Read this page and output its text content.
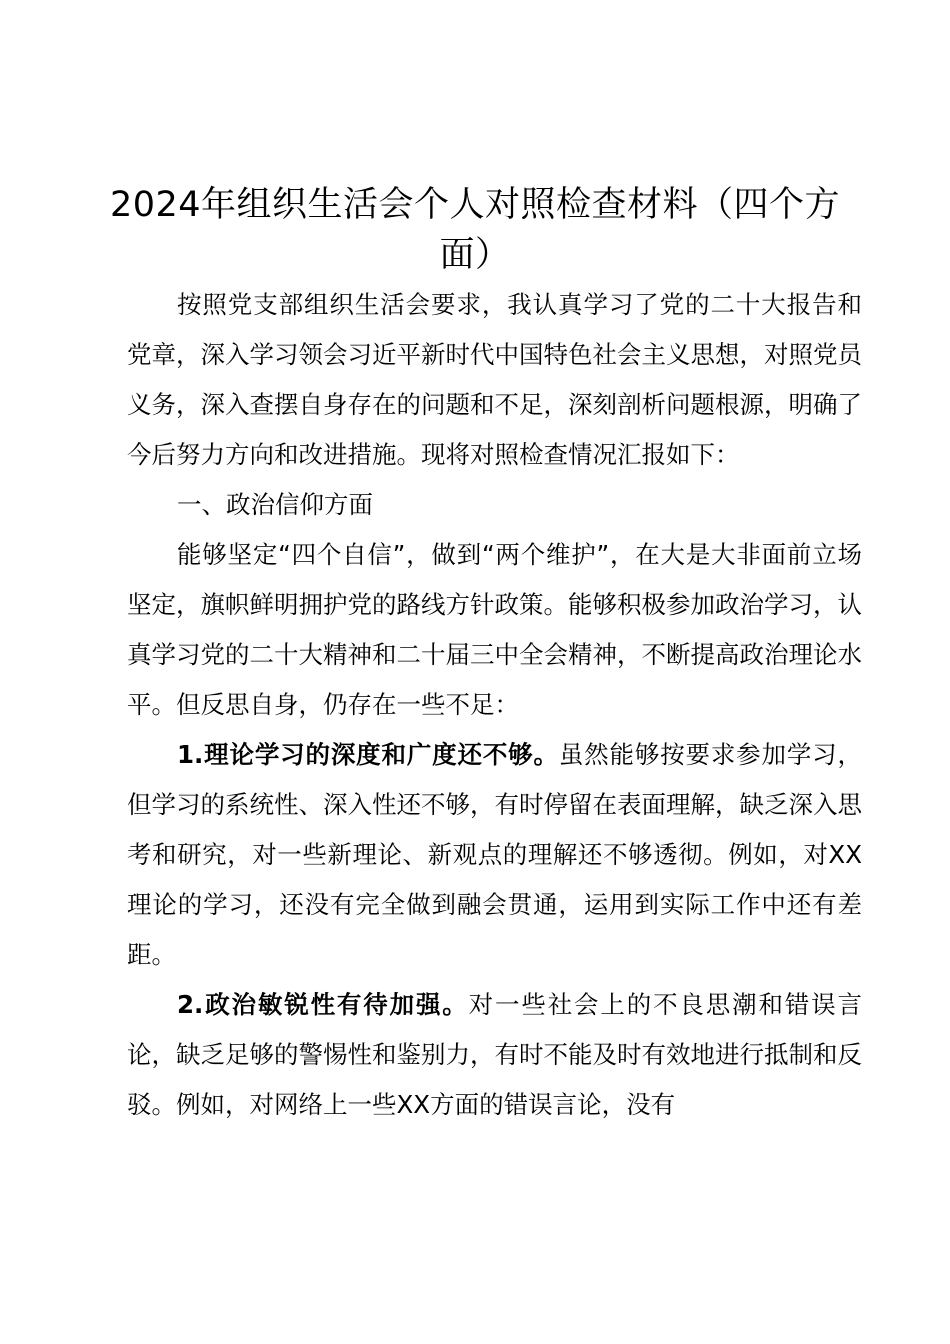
2024年组织生活会个人对照检查材料（四个方面）

按照党支部组织生活会要求，我认真学习了党的二十大报告和党章，深入学习领会习近平新时代中国特色社会主义思想，对照党员义务，深入查摆自身存在的问题和不足，深刻剖析问题根源，明确了今后努力方向和改进措施。现将对照检查情况汇报如下：

一、政治信仰方面

能够坚定“四个自信”，做到“两个维护”，在大是大非面前立场坚定，旗帜鲜明拥护党的路线方针政策。能够积极参加政治学习，认真学习党的二十大精神和二十届三中全会精神，不断提高政治理论水平。但反思自身，仍存在一些不足：

1.理论学习的深度和广度还不够。虽然能够按要求参加学习，但学习的系统性、深入性还不够，有时停留在表面理解，缺乏深入思考和研究，对一些新理论、新观点的理解还不够透彻。例如，对XX理论的学习，还没有完全做到融会贯通，运用到实际工作中还有差距。

2.政治敏锐性有待加强。对一些社会上的不良思潮和错误言论，缺乏足够的警惕性和鉴别力，有时不能及时有效地进行抵制和反驳。例如，对网络上一些XX方面的错误言论，没有
